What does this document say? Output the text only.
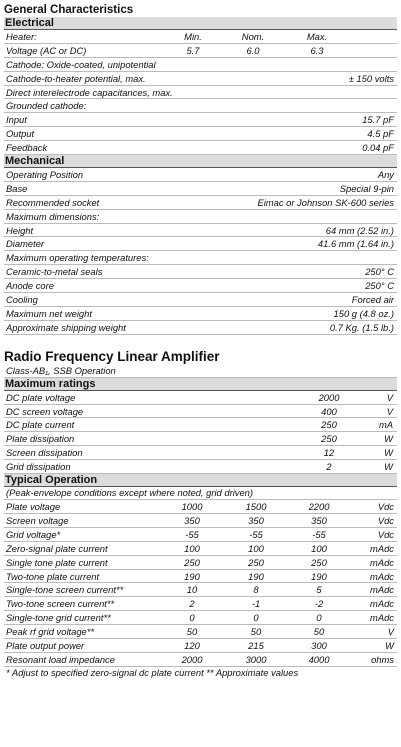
General Characteristics
Electrical
Heater:	Min.	Nom.	Max.
Voltage (AC or DC)	5.7	6.0	6.3
Cathode: Oxide-coated, unipotential
Cathode-to-heater potential, max.	± 150 volts
Direct interelectrode capacitances, max.
Grounded cathode:
Input	15.7 pF
Output	4.5 pF
Feedback	0.04 pF
Mechanical
Operating Position	Any
Base	Special 9-pin
Recommended socket	Eimac or Johnson SK-600 series
Maximum dimensions:
Height	64 mm (2.52 in.)
Diameter	41.6 mm (1.64 in.)
Maximum operating temperatures:
Ceramic-to-metal seals	250° C
Anode core	250° C
Cooling	Forced air
Maximum net weight	150 g (4.8 oz.)
Approximate shipping weight	0.7 Kg. (1.5 lb.)
Radio Frequency Linear Amplifier
Class-AB₁, SSB Operation
Maximum ratings
DC plate voltage	2000	V
DC screen voltage	400	V
DC plate current	250	mA
Plate dissipation	250	W
Screen dissipation	12	W
Grid dissipation	2	W
Typical Operation
(Peak-envelope conditions except where noted, grid driven)
Plate voltage	1000	1500	2200	Vdc
Screen voltage	350	350	350	Vdc
Grid voltage*	-55	-55	-55	Vdc
Zero-signal plate current	100	100	100	mAdc
Single tone plate current	250	250	250	mAdc
Two-tone plate current	190	190	190	mAdc
Single-tone screen current**	10	8	5	mAdc
Two-tone screen current**	2	-1	-2	mAdc
Single-tone grid current**	0	0	0	mAdc
Peak rf grid voltage**	50	50	50	V
Plate output power	120	215	300	W
Resonant load impedance	2000	3000	4000	ohms
* Adjust to specified zero-signal dc plate current ** Approximate values
